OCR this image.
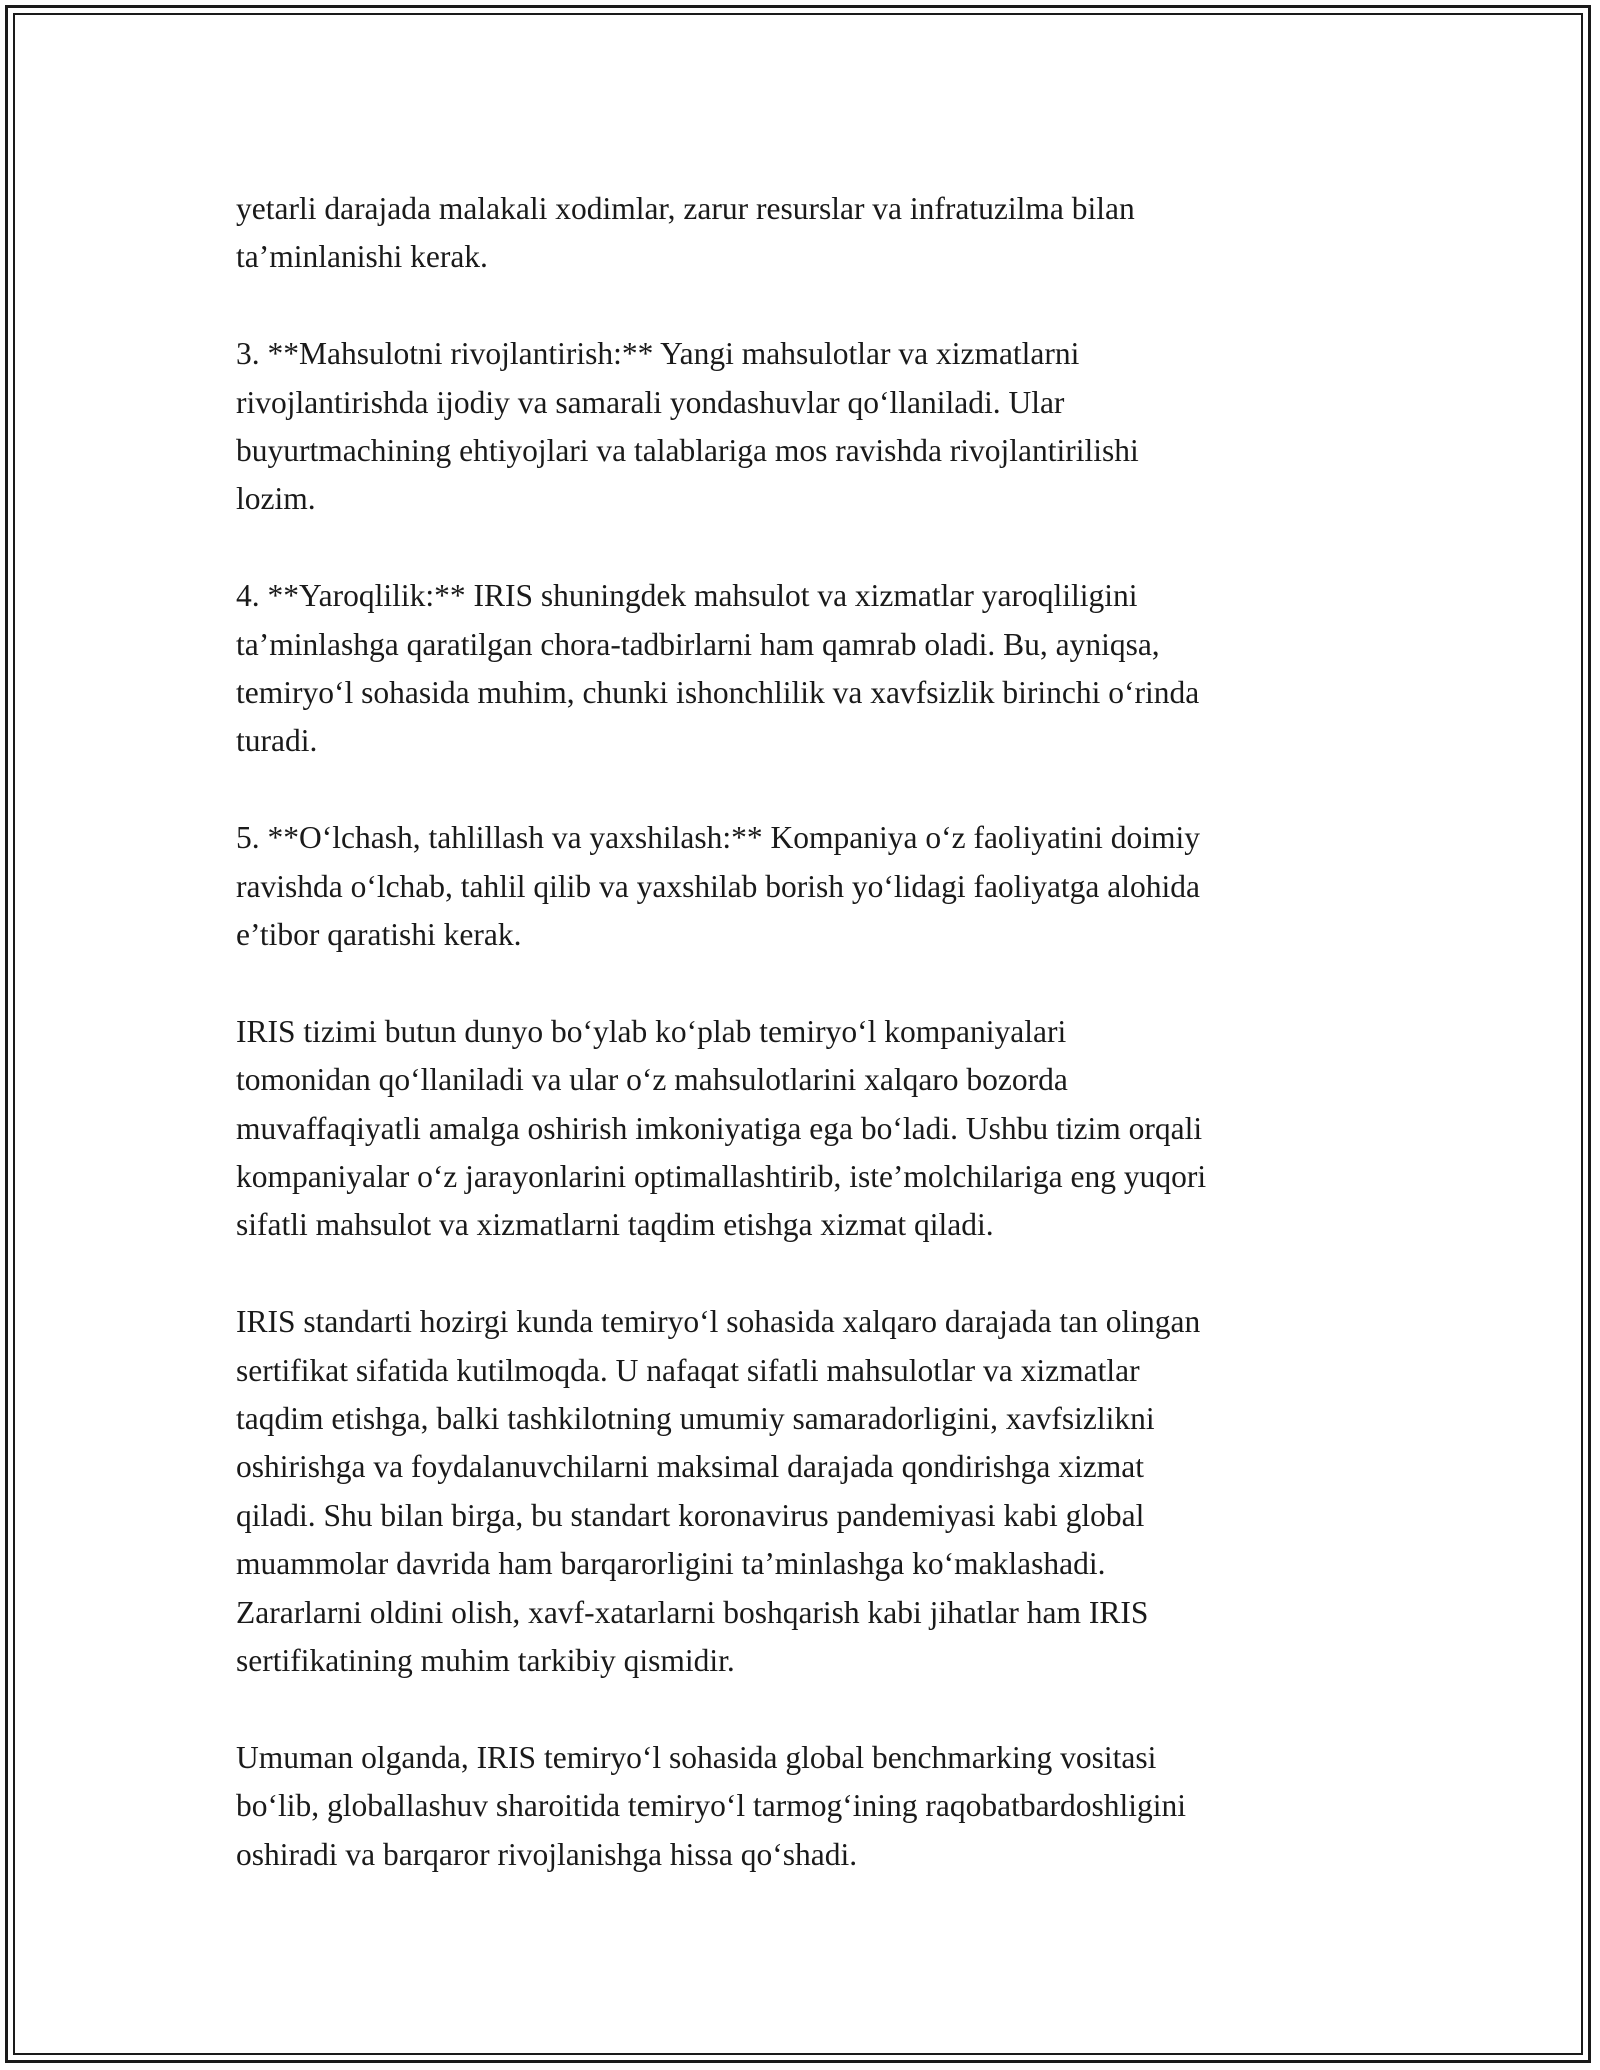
yetarli darajada malakali xodimlar, zarur resurslar va infratuzilma bilan
ta’minlanishi kerak.

3. **Mahsulotni rivojlantirish:** Yangi mahsulotlar va xizmatlarni
rivojlantirishda ijodiy va samarali yondashuvlar qo‘llaniladi. Ular
buyurtmachining ehtiyojlari va talablariga mos ravishda rivojlantirilishi
lozim.

4. **Yaroqlilik:** IRIS shuningdek mahsulot va xizmatlar yaroqliligini
ta’minlashga qaratilgan chora-tadbirlarni ham qamrab oladi. Bu, ayniqsa,
temiryo‘l sohasida muhim, chunki ishonchlilik va xavfsizlik birinchi o‘rinda
turadi.

5. **O‘lchash, tahlillash va yaxshilash:** Kompaniya o‘z faoliyatini doimiy
ravishda o‘lchab, tahlil qilib va yaxshilab borish yo‘lidagi faoliyatga alohida
e’tibor qaratishi kerak.

IRIS tizimi butun dunyo bo‘ylab ko‘plab temiryo‘l kompaniyalari
tomonidan qo‘llaniladi va ular o‘z mahsulotlarini xalqaro bozorda
muvaffaqiyatli amalga oshirish imkoniyatiga ega bo‘ladi. Ushbu tizim orqali
kompaniyalar o‘z jarayonlarini optimallashtirib, iste’molchilariga eng yuqori
sifatli mahsulot va xizmatlarni taqdim etishga xizmat qiladi.

IRIS standarti hozirgi kunda temiryo‘l sohasida xalqaro darajada tan olingan
sertifikat sifatida kutilmoqda. U nafaqat sifatli mahsulotlar va xizmatlar
taqdim etishga, balki tashkilotning umumiy samaradorligini, xavfsizlikni
oshirishga va foydalanuvchilarni maksimal darajada qondirishga xizmat
qiladi. Shu bilan birga, bu standart koronavirus pandemiyasi kabi global
muammolar davrida ham barqarorligini ta’minlashga ko‘maklashadi.
Zararlarni oldini olish, xavf-xatarlarni boshqarish kabi jihatlar ham IRIS
sertifikatining muhim tarkibiy qismidir.

Umuman olganda, IRIS temiryo‘l sohasida global benchmarking vositasi
bo‘lib, globallashuv sharoitida temiryo‘l tarmog‘ining raqobatbardoshligini
oshiradi va barqaror rivojlanishga hissa qo‘shadi.
